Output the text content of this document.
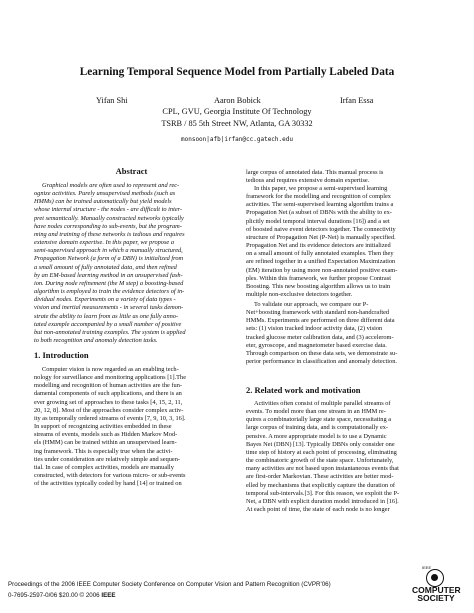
Learning Temporal Sequence Model from Partially Labeled Data
Yifan Shi	Aaron Bobick	Irfan Essa
CPL, GVU, Georgia Institute Of Technology
TSRB / 85 5th Street NW, Atlanta, GA 30332
monsoon|afb|irfan@cc.gatech.edu
Abstract
Graphical models are often used to represent and rec-
ognize activities. Purely unsupervised methods (such as
HMMs) can be trained automatically but yield models
whose internal structure - the nodes - are difficult to inter-
pret semantically. Manually constructed networks typically
have nodes corresponding to sub-events, but the program-
ming and training of these networks is tedious and requires
extensive domain expertise. In this paper, we propose a
semi-supervised approach in which a manually structured,
Propagation Network (a form of a DBN) is initialized from
a small amount of fully annotated data, and then refined
by an EM-based learning method in an unsupervised fash-
ion. During node refinement (the M step) a boosting-based
algorithm is employed to train the evidence detectors of in-
dividual nodes. Experiments on a variety of data types -
vision and inertial measurements - in several tasks demon-
strate the ability to learn from as little as one fully anno-
tated example accompanied by a small number of positive
but non-annotated training examples. The system is applied
to both recognition and anomaly detection tasks.
1. Introduction
Computer vision is now regarded as an enabling tech-
nology for surveillance and monitoring applications [1].The
modelling and recognition of human activities are the fun-
damental components of such applications, and there is an
ever growing set of approaches to these tasks [4, 15, 2, 11,
20, 12, 8]. Most of the approaches consider complex activ-
ity as temporally ordered streams of events [7, 9, 10, 3, 16].
In support of recognizing activities embedded in these
streams of events, models such as Hidden Markov Mod-
els (HMM) can be trained within an unsupervised learn-
ing framework. This is especially true when the activi-
ties under consideration are relatively simple and sequen-
tial. In case of complex activities, models are manually
constructed, with detectors for various micro- or sub-events
of the activities typically coded by hand [14] or trained on
large corpus of annotated data. This manual process is
tedious and requires extensive domain expertise.
In this paper, we propose a semi-supervised learning
framework for the modelling and recognition of complex
activities. The semi-supervised learning algorithm trains a
Propagation Net (a subset of DBNs with the ability to ex-
plicitly model temporal interval durations [16]) and a set
of boosted naive event detectors together. The connectivity
structure of Propagation Net (P-Net) is manually specified.
Propagation Net and its evidence detectors are initialized
on a small amount of fully annotated examples. Then they
are refined together in a unified Expectation Maximization
(EM) iteration by using more non-annotated positive exam-
ples. Within this framework, we further propose Contrast
Boosting. This new boosting algorithm allows us to train
multiple non-exclusive detectors together.
To validate our approach, we compare our P-
Net+boosting framework with standard non-handcrafted
HMMs. Experiments are performed on three different data
sets: (1) vision tracked indoor activity data, (2) vision
tracked glucose meter calibration data, and (3) accelerom-
eter, gyroscope, and magnetometer based exercise data.
Through comparison on these data sets, we demonstrate su-
perior performance in classification and anomaly detection.
2. Related work and motivation
Activities often consist of multiple parallel streams of
events. To model more than one stream in an HMM re-
quires a combinatorially large state space, necessitating a
large corpus of training data, and is computationally ex-
pensive. A more appropriate model is to use a Dynamic
Bayes Net (DBN) [13]. Typically DBNs only consider one
time step of history at each point of processing, eliminating
the combinatoric growth of the state space. Unfortunately,
many activities are not based upon instantaneous events that
are first-order Markovian. These activities are better mod-
elled by mechanisms that explicitly capture the duration of
temporal sub-intervals.[3]. For this reason, we exploit the P-
Net, a DBN with explicit duration model introduced in [16].
At each point of time, the state of each node is no longer
Proceedings of the 2006 IEEE Computer Society Conference on Computer Vision and Pattern Recognition (CVPR'06)
0-7695-2597-0/06 $20.00 © 2006 IEEE
IEEE
COMPUTER
SOCIETY
